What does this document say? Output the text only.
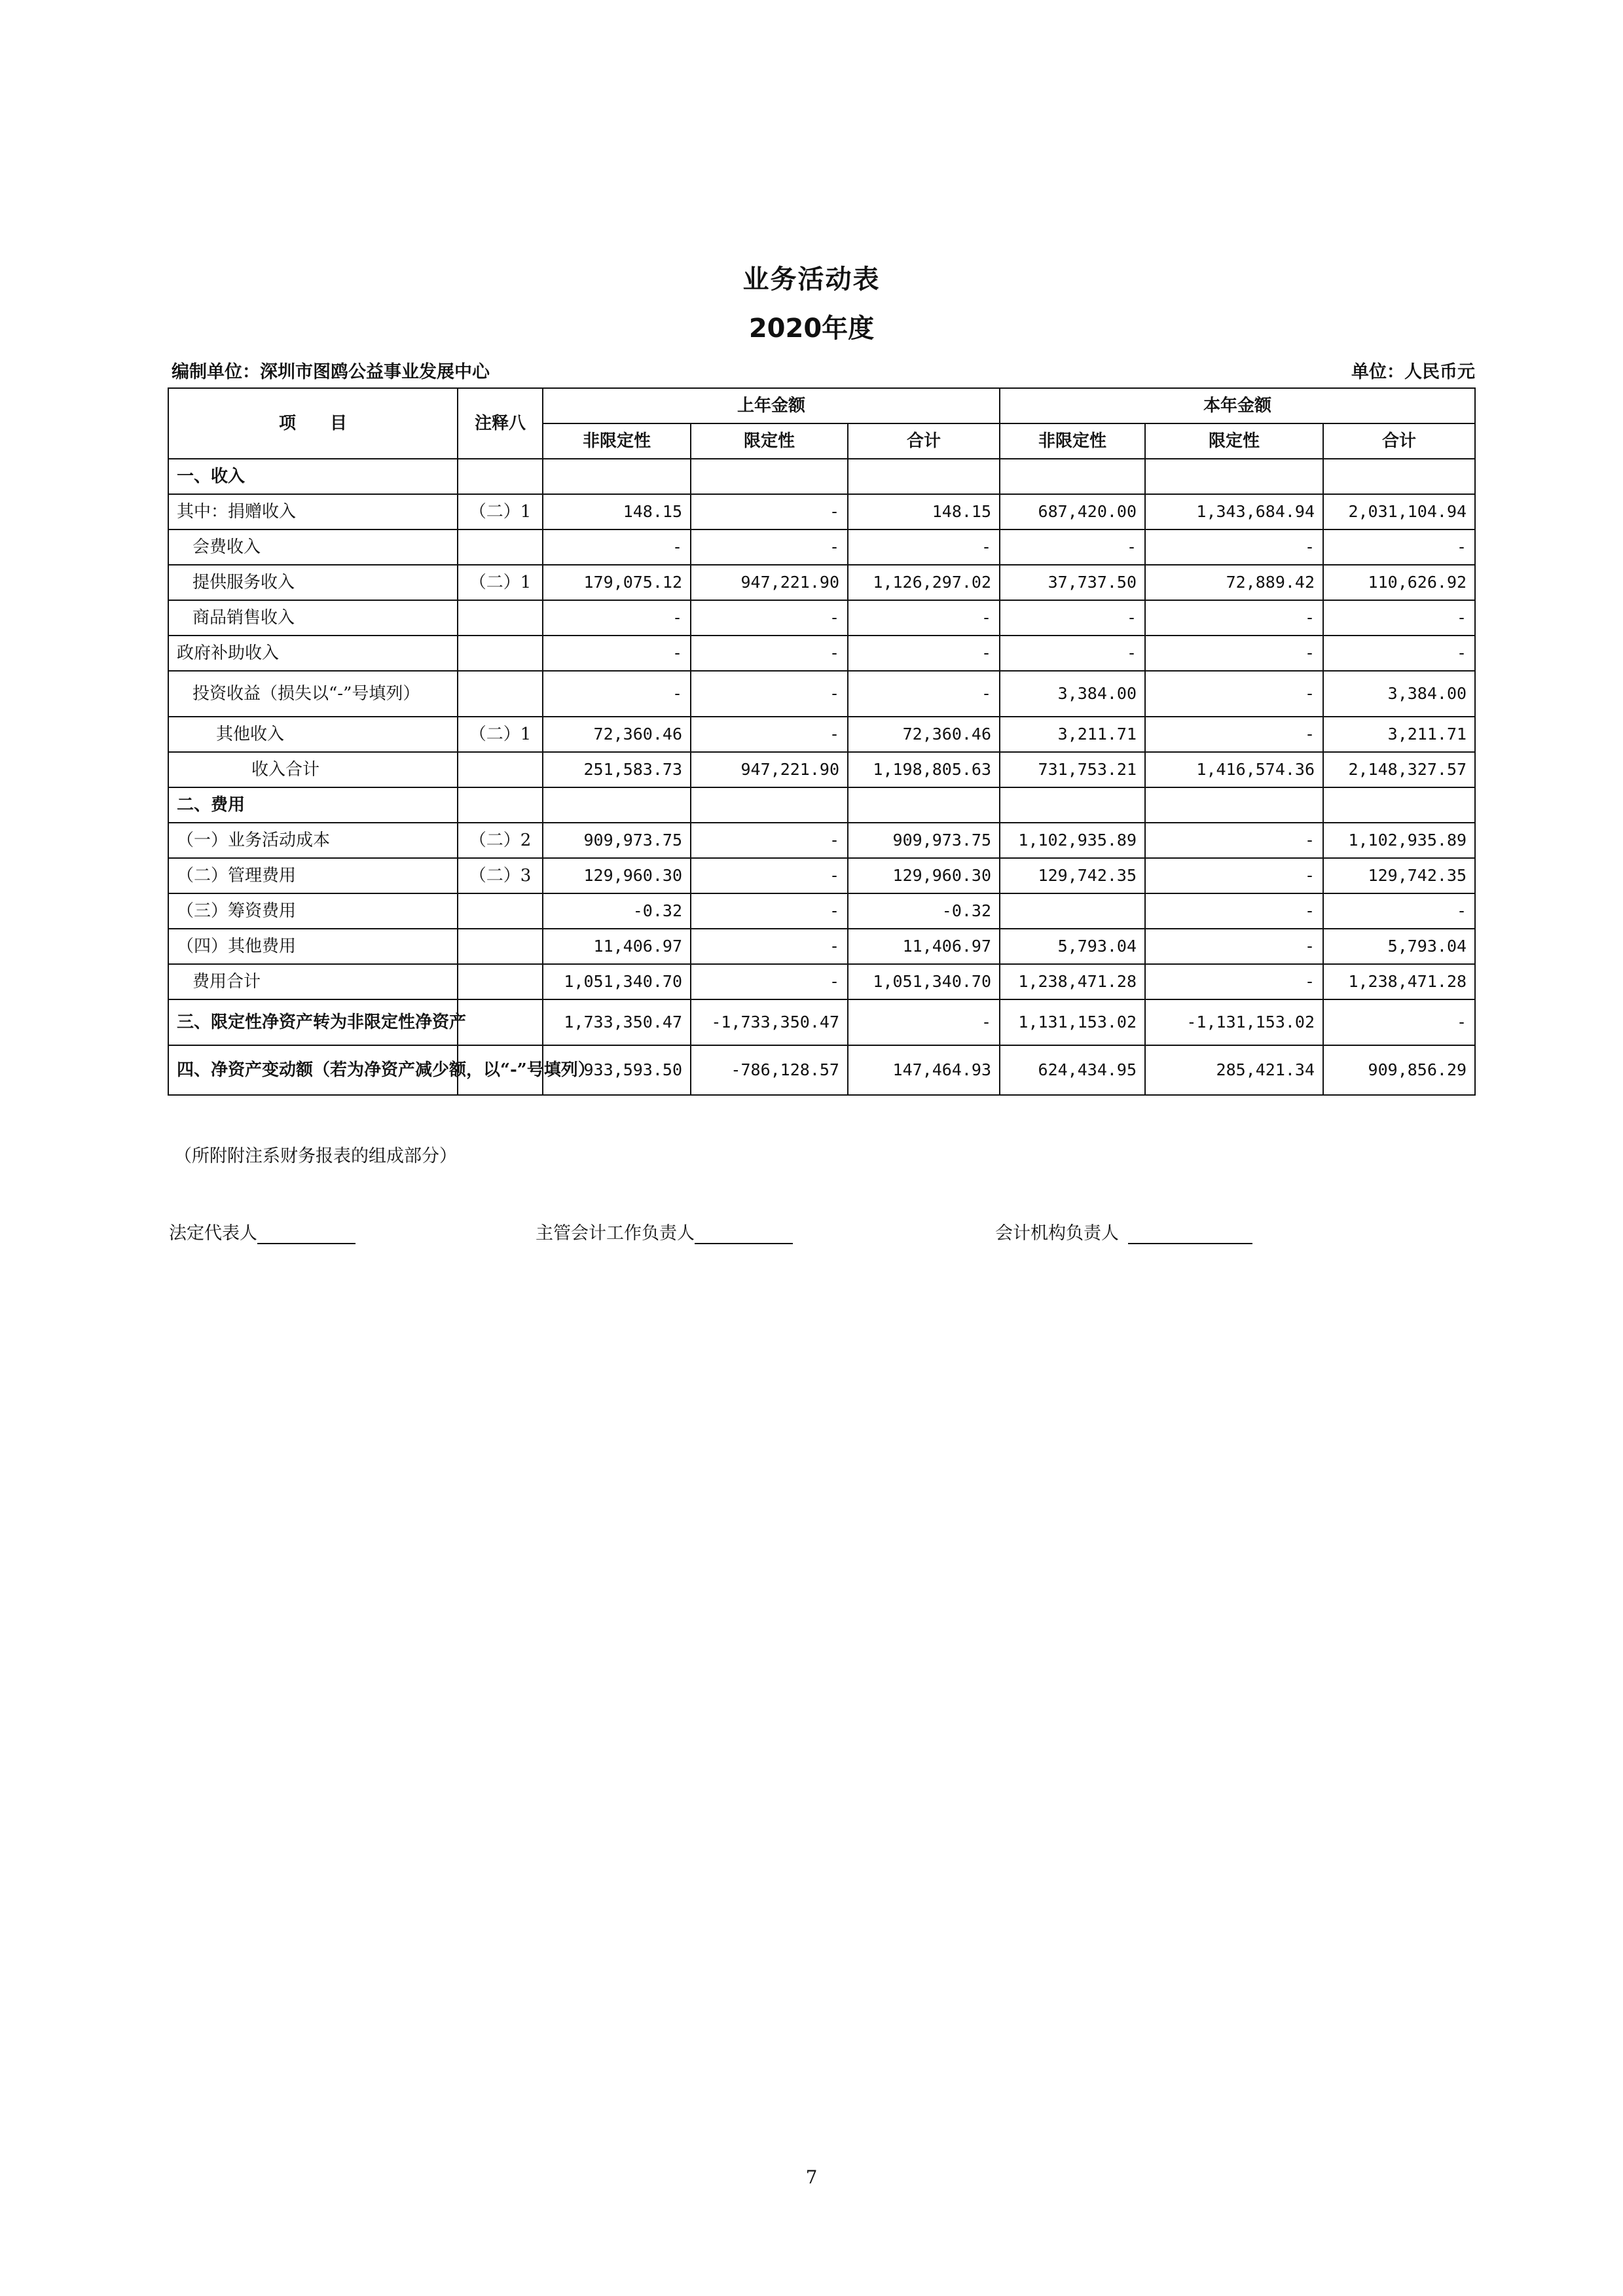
业务活动表
2020年度
编制单位：深圳市图鸥公益事业发展中心	单位：人民币元
项　　目	注释八	上年金额			本年金额		
		非限定性	限定性	合计	非限定性	限定性	合计
一、收入							
其中：捐赠收入	（二）1	148.15	-	148.15	687,420.00	1,343,684.94	2,031,104.94
会费收入		-	-	-	-	-	-
提供服务收入	（二）1	179,075.12	947,221.90	1,126,297.02	37,737.50	72,889.42	110,626.92
商品销售收入		-	-	-	-	-	-
政府补助收入		-	-	-	-	-	-
投资收益（损失以“-”号填列）		-	-	-	3,384.00	-	3,384.00
其他收入	（二）1	72,360.46	-	72,360.46	3,211.71	-	3,211.71
收入合计		251,583.73	947,221.90	1,198,805.63	731,753.21	1,416,574.36	2,148,327.57
二、费用							
（一）业务活动成本	（二）2	909,973.75	-	909,973.75	1,102,935.89	-	1,102,935.89
（二）管理费用	（二）3	129,960.30	-	129,960.30	129,742.35	-	129,742.35
（三）筹资费用		-0.32	-	-0.32		-	-
（四）其他费用		11,406.97	-	11,406.97	5,793.04	-	5,793.04
费用合计		1,051,340.70	-	1,051,340.70	1,238,471.28	-	1,238,471.28
三、限定性净资产转为非限定性净资产		1,733,350.47	-1,733,350.47	-	1,131,153.02	-1,131,153.02	-
四、净资产变动额（若为净资产减少额，以“-”号填列）		933,593.50	-786,128.57	147,464.93	624,434.95	285,421.34	909,856.29
（所附附注系财务报表的组成部分）
法定代表人	主管会计工作负责人	会计机构负责人
7
